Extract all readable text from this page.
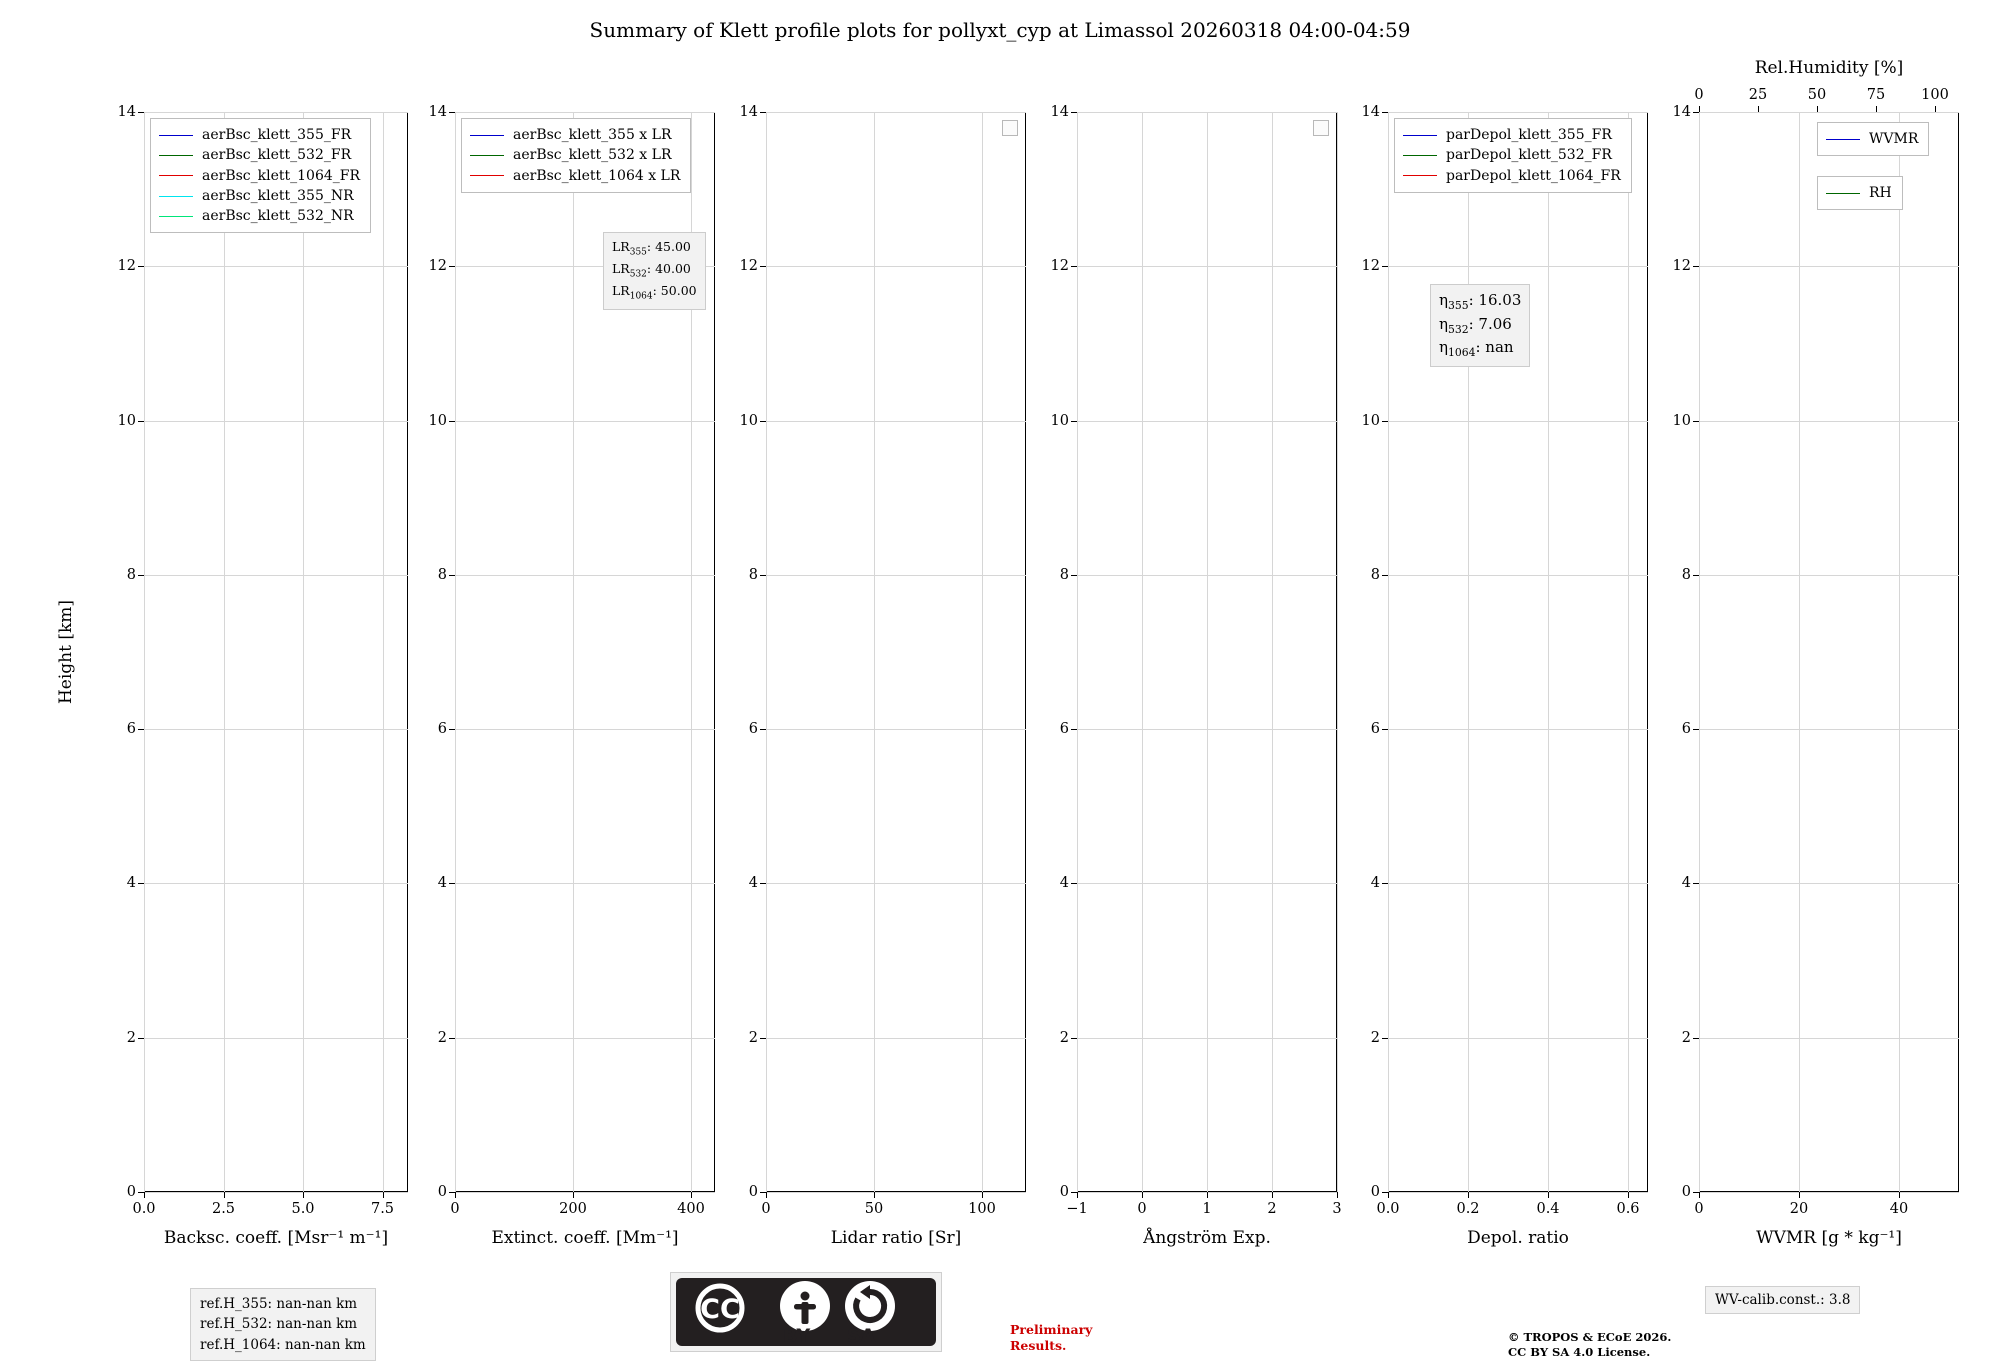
Summary of Klett profile plots for pollyxt_cyp at Limassol 20260318 04:00-04:59
Height [km]
0
2
4
6
8
10
12
14
0.0	2.5	5.0	7.5
Backsc. coeff. [Msr⁻¹ m⁻¹]
aerBsc_klett_355_FR
aerBsc_klett_532_FR
aerBsc_klett_1064_FR
aerBsc_klett_355_NR
aerBsc_klett_532_NR
0
2
4
6
8
10
12
14
0	200	400
Extinct. coeff. [Mm⁻¹]
aerBsc_klett_355 x LR
aerBsc_klett_532 x LR
aerBsc_klett_1064 x LR
$LR_{355}$: 45.00
$LR_{532}$: 40.00
$LR_{1064}$: 50.00
0
2
4
6
8
10
12
14
0	50	100
Lidar ratio [Sr]
0
2
4
6
8
10
12
14
−1	0	1	2	3
Ångström Exp.
0
2
4
6
8
10
12
14
0.0	0.2	0.4	0.6
Depol. ratio
parDepol_klett_355_FR
parDepol_klett_532_FR
parDepol_klett_1064_FR
$\eta_{355}$: 16.03
$\eta_{532}$: 7.06
$\eta_{1064}$: nan
0
2
4
6
8
10
12
14
0	20	40
0	25	50	75 100
Rel.Humidity [%]
WVMR [g * kg⁻¹]
WVMR
RH
ref.H_355: nan-nan km
ref.H_532: nan-nan km
ref.H_1064: nan-nan km
CC
BY SA	Preliminary
Results.
© TROPOS & ECoE 2026.
CC BY SA 4.0 License.
WV-calib.const.: 3.8
